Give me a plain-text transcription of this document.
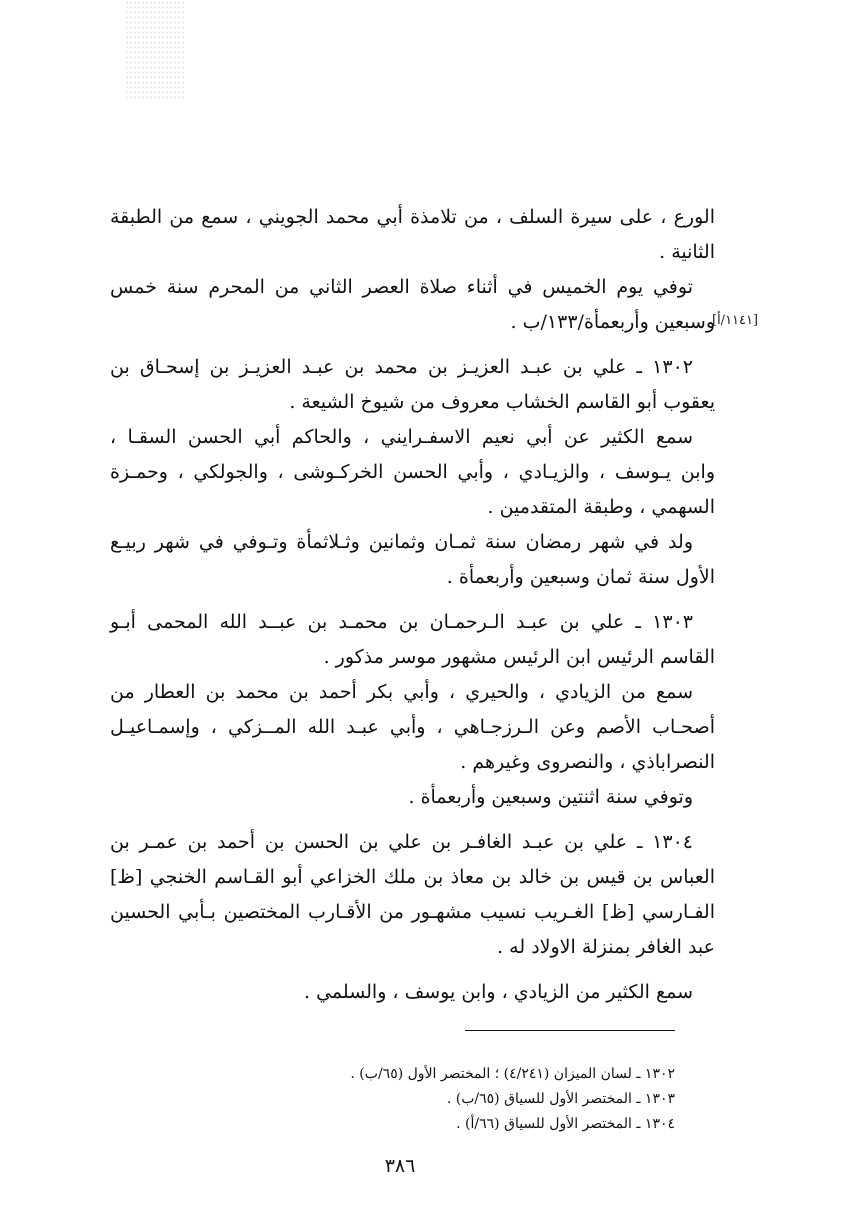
الورع ، على سيرة السلف ، من تلامذة أبي محمد الجويني ، سمع من الطبقة
الثانية .
توفي يوم الخميس في أثناء صلاة العصر الثاني من المحرم سنة خمس
وسبعين وأربعمأة/١٣٣/ب .
١٣٠٢ ـ علي بن عبـد العزيـز بن محمد بن عبـد العزيـز بن إسحـاق بن
يعقوب أبو القاسم الخشاب معروف من شيوخ الشيعة .
سمع الكثير عن أبي نعيم الاسفـرايني ، والحاكم أبي الحسن السقـا ،
وابن يـوسف ، والزيـادي ، وأبي الحسن الخركـوشى ، والجولكي ، وحمـزة
السهمي ، وطبقة المتقدمين .
ولد في شهر رمضان سنة ثمـان وثمانين وثـلاثمأة وتـوفي في شهر ربيـع
الأول سنة ثمان وسبعين وأربعمأة .
١٣٠٣ ـ علي بن عبـد الـرحمـان بن محمـد بن عبــد الله المحمى أبـو
القاسم الرئيس ابن الرئيس مشهور موسر مذكور .
سمع من الزيادي ، والحيري ، وأبي بكر أحمد بن محمد بن العطار من
أصحـاب الأصم وعن الـرزجـاهي ، وأبي عبـد الله المــزكي ، وإسمـاعيـل
النصراباذي ، والنصروى وغيرهم .
وتوفي سنة اثنتين وسبعين وأربعمأة .
١٣٠٤ ـ علي بن عبـد الغافـر بن علي بن الحسن بن أحمد بن عمـر بن
العباس بن قيس بن خالد بن معاذ بن ملك الخزاعي أبو القـاسم الخنجي [ظ]
الفـارسي [ظ] الغـريب نسيب مشهـور من الأقـارب المختصين بـأبي الحسين
عبد الغافر بمنزلة الاولاد له .
سمع الكثير من الزيادي ، وابن يوسف ، والسلمي .
[١١٤١/أ]
١٣٠٢ ـ لسان الميزان (٤/٢٤١) ؛ المختصر الأول (٦٥/ب) .
١٣٠٣ ـ المختصر الأول للسياق (٦٥/ب) .
١٣٠٤ ـ المختصر الأول للسياق (٦٦/أ) .
٣٨٦
